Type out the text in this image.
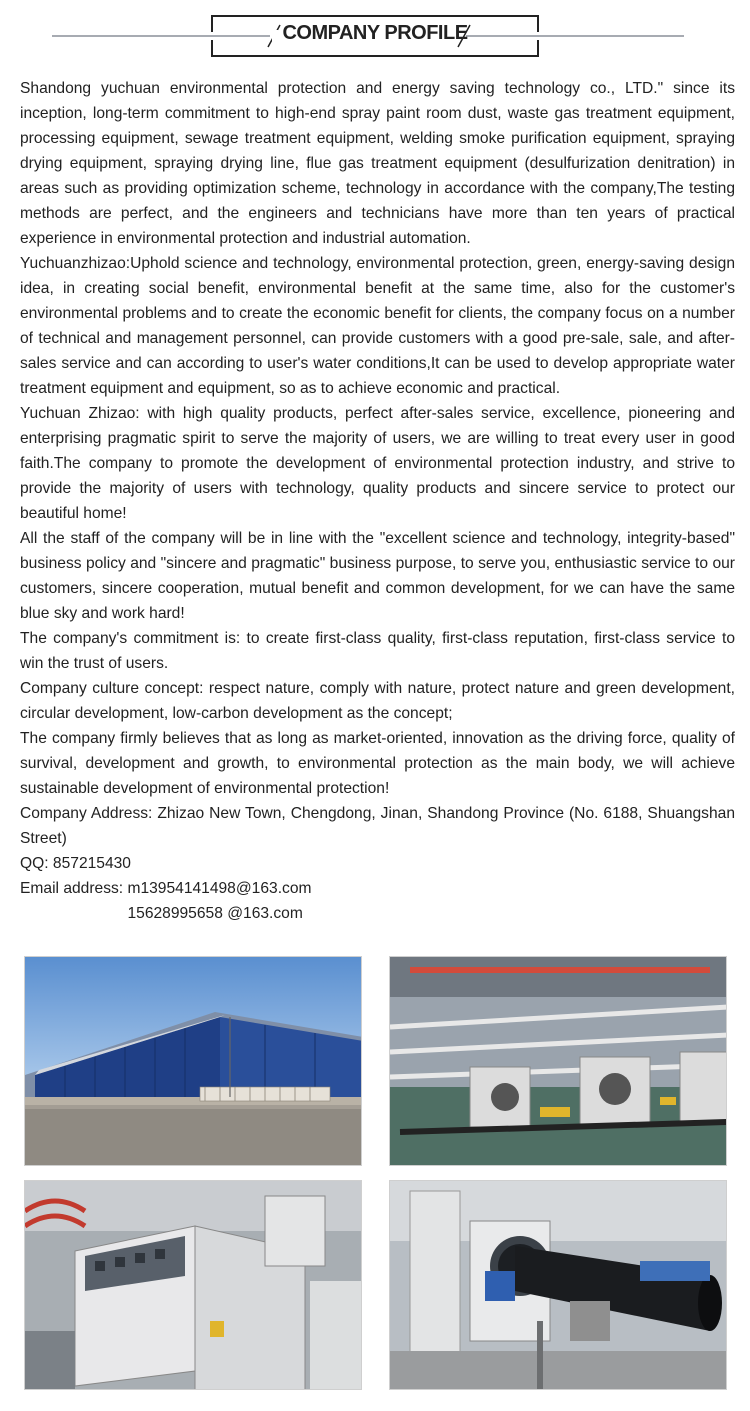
COMPANY PROFILE

Shandong yuchuan environmental protection and energy saving technology co., LTD." since its inception, long-term commitment to high-end spray paint room dust, waste gas treatment equipment, processing equipment, sewage treatment equipment, welding smoke purification equipment, spraying drying equipment, spraying drying line, flue gas treatment equipment (desulfurization denitration) in areas such as providing optimization scheme, technology in accordance with the company,The testing methods are perfect, and the engineers and technicians have more than ten years of practical experience in environmental protection and industrial automation.

Yuchuanzhizao:Uphold science and technology, environmental protection, green, energy-saving design idea, in creating social benefit, environmental benefit at the same time, also for the customer's environmental problems and to create the economic benefit for clients, the company focus on a number of technical and management personnel, can provide customers with a good pre-sale, sale, and after-sales service and can according to user's water conditions,It can be used to develop appropriate water treatment equipment and equipment, so as to achieve economic and practical.

Yuchuan Zhizao: with high quality products, perfect after-sales service, excellence, pioneering and enterprising pragmatic spirit to serve the majority of users, we are willing to treat every user in good faith.The company to promote the development of environmental protection industry, and strive to provide the majority of users with technology, quality products and sincere service to protect our beautiful home!

All the staff of the company will be in line with the "excellent science and technology, integrity-based" business policy and "sincere and pragmatic" business purpose, to serve you, enthusiastic service to our customers, sincere cooperation, mutual benefit and common development, for we can have the same blue sky and work hard!

The company's commitment is: to create first-class quality, first-class reputation, first-class service to win the trust of users.

Company culture concept: respect nature, comply with nature, protect nature and green development, circular development, low-carbon development as the concept;

The company firmly believes that as long as market-oriented, innovation as the driving force, quality of survival, development and growth, to environmental protection as the main body, we will achieve sustainable development of environmental protection!

Company Address: Zhizao New Town, Chengdong, Jinan, Shandong Province (No. 6188, Shuangshan Street)

QQ: 857215430

Email address: m13954141498@163.com
15628995658 @163.com
